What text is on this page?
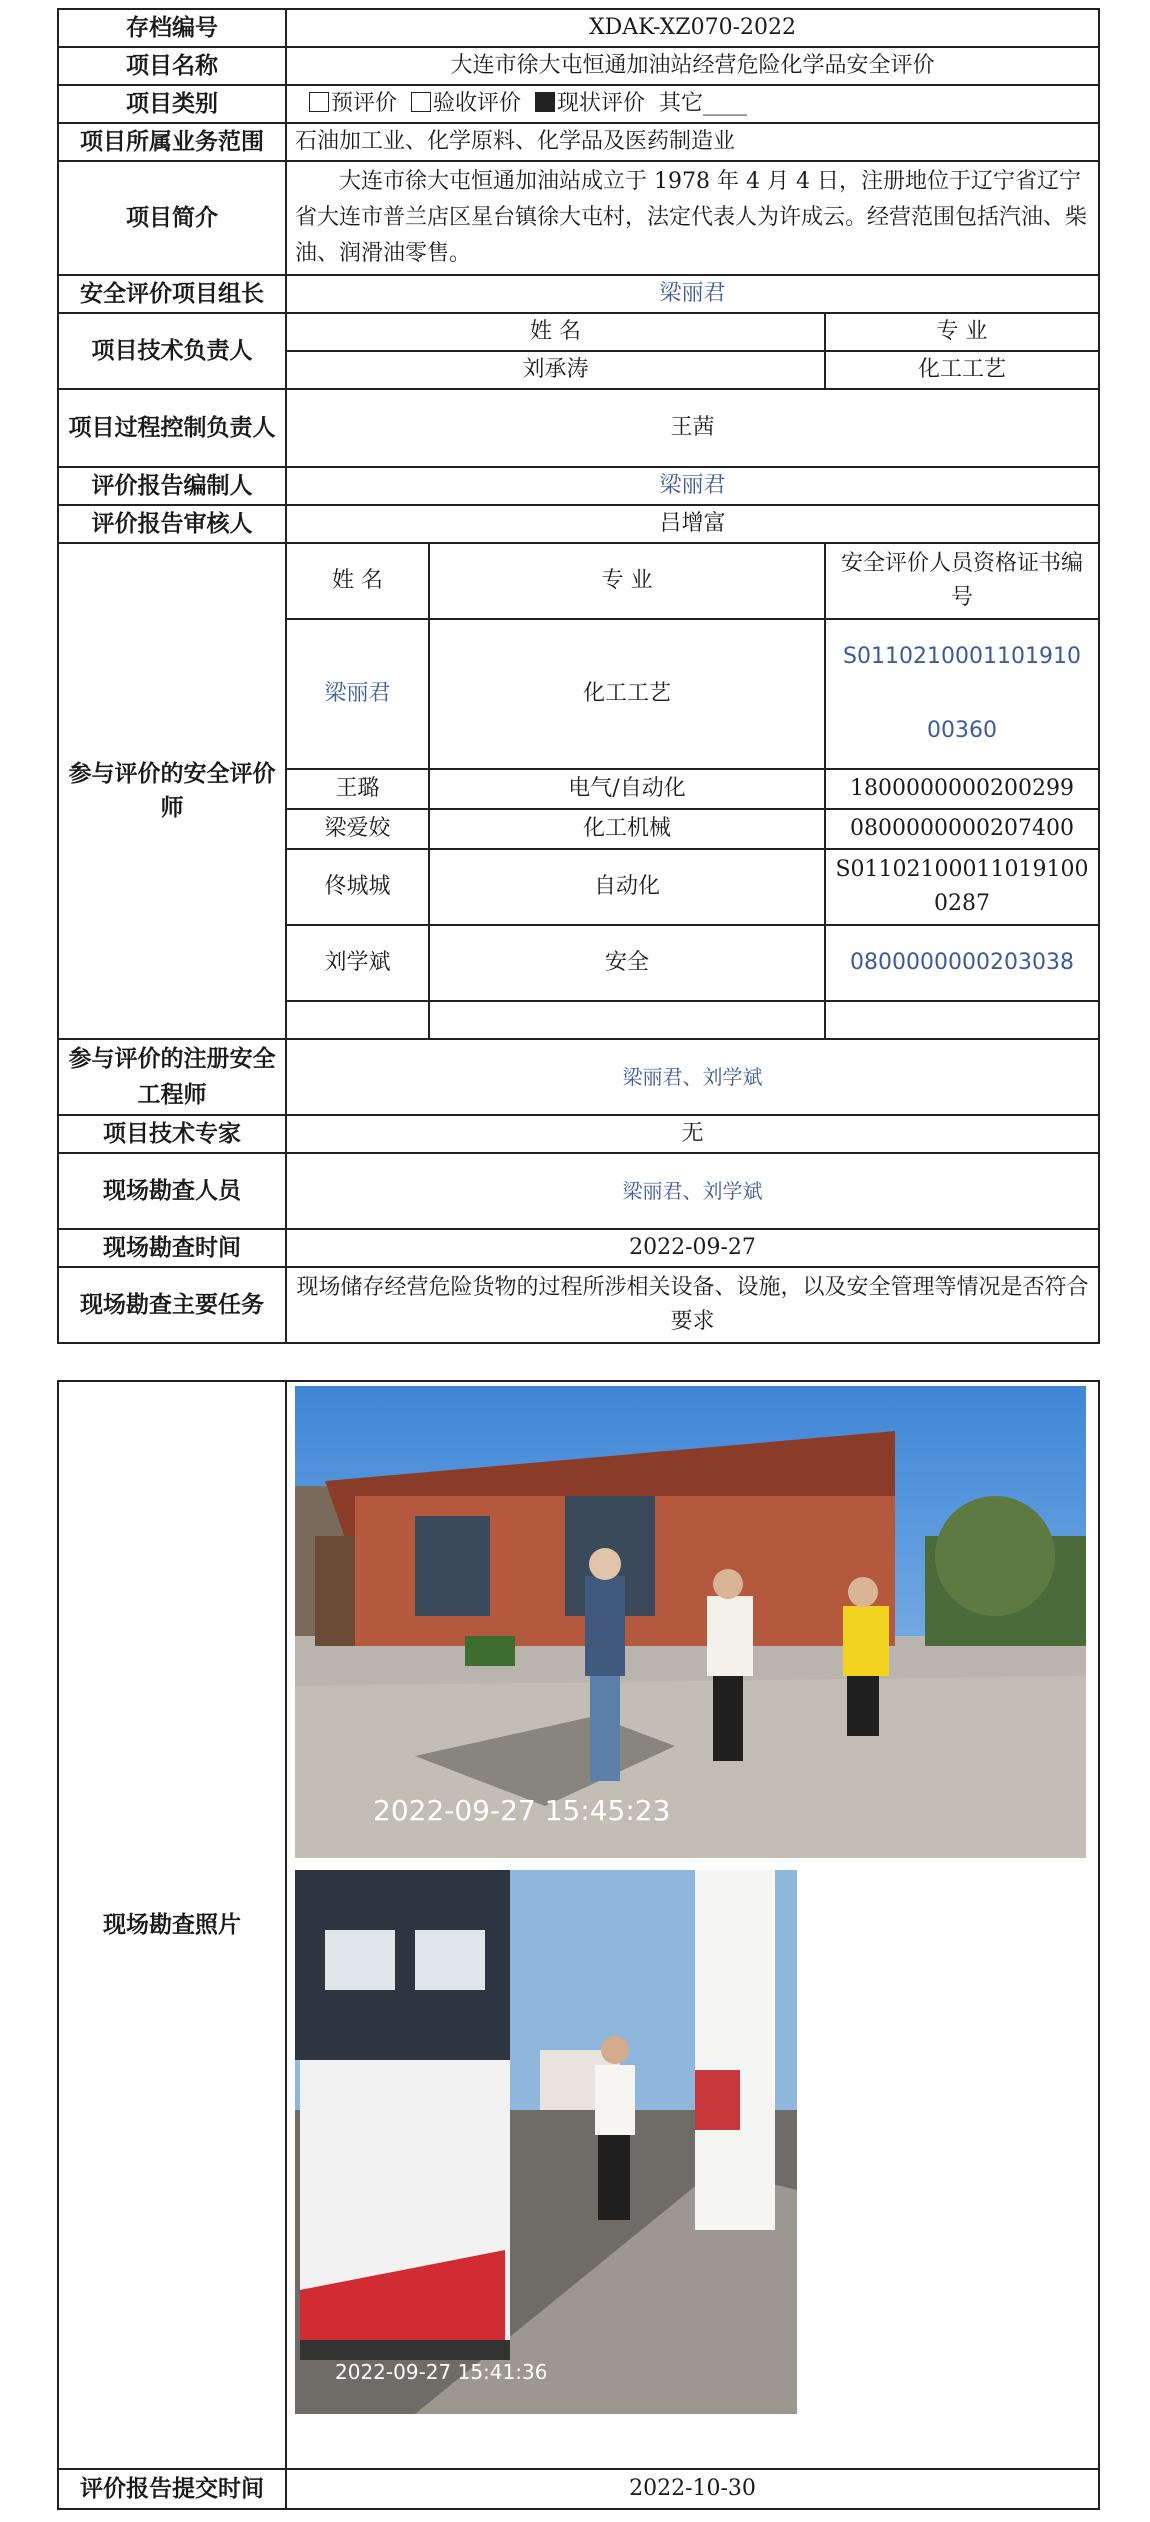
存档编号	XDAK-XZ070-2022		
项目名称	大连市徐大屯恒通加油站经营危险化学品安全评价		
项目类别	预评价 验收评价 现状评价 其它____		
项目所属业务范围	石油加工业、化学原料、化学品及医药制造业		
项目简介	大连市徐大屯恒通加油站成立于 1978 年 4 月 4 日，注册地位于辽宁省辽宁省大连市普兰店区星台镇徐大屯村，法定代表人为许成云。经营范围包括汽油、柴油、润滑油零售。		
安全评价项目组长	梁丽君		
项目技术负责人	姓 名		专 业
	刘承涛		化工工艺
项目过程控制负责人	王茜		
评价报告编制人	梁丽君		
评价报告审核人	吕增富		
参与评价的安全评价师	姓 名	专 业	安全评价人员资格证书编号
	梁丽君	化工工艺	S011021000110191000360
	王璐	电气/自动化	1800000000200299
	梁爱姣	化工机械	0800000000207400
	佟城城	自动化	S011021000110191000287
	刘学斌	安全	0800000000203038

参与评价的注册安全工程师	梁丽君、刘学斌		
项目技术专家	无		
现场勘查人员	梁丽君、刘学斌		
现场勘查时间	2022-09-27		
现场勘查主要任务	现场储存经营危险货物的过程所涉相关设备、设施，以及安全管理等情况是否符合要求		
现场勘查照片	
评价报告提交时间	2022-10-30
2022-09-27 15:45:23
2022-09-27 15:41:36
